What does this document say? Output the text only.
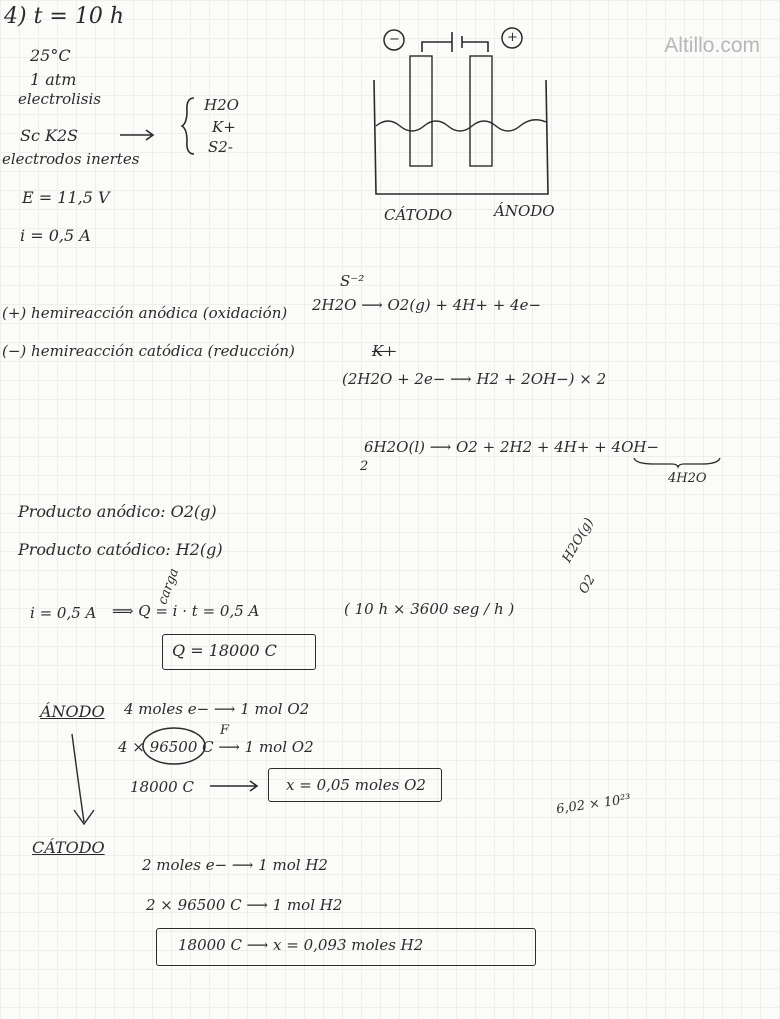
Altillo.com
4) t = 10 h
25°C
1 atm
electrolisis
Sc K2S
H2O
K+
S2-
electrodos inertes
E = 11,5 V
i = 0,5 A
−	+
CÁTODO	ÁNODO
S⁻²
(+) hemireacción anódica (oxidación) 2H2O ⟶ O2(g) + 4H+ + 4e−
(−) hemireacción catódica (reducción)	K+
(2H2O + 2e− ⟶ H2 + 2OH−) × 2
6H2O(l) ⟶ O2 + 2H2 + 4H+ + 4OH−
2
4H2O
Producto anódico: O2(g)
Producto catódico: H2(g)	H2O(g)
O2
i = 0,5 A ⟹ Q = i · t = 0,5 A	( 10 h × 3600 seg / h )
carga
Q = 18000 C
ÁNODO 4 moles e− ⟶ 1 mol O2
4 × 96500 C ⟶ 1 mol O2
F
18000 C	x = 0,05 moles O2
6,02 × 10²³
CÁTODO
2 moles e− ⟶ 1 mol H2
2 × 96500 C ⟶ 1 mol H2
18000 C ⟶ x = 0,093 moles H2
